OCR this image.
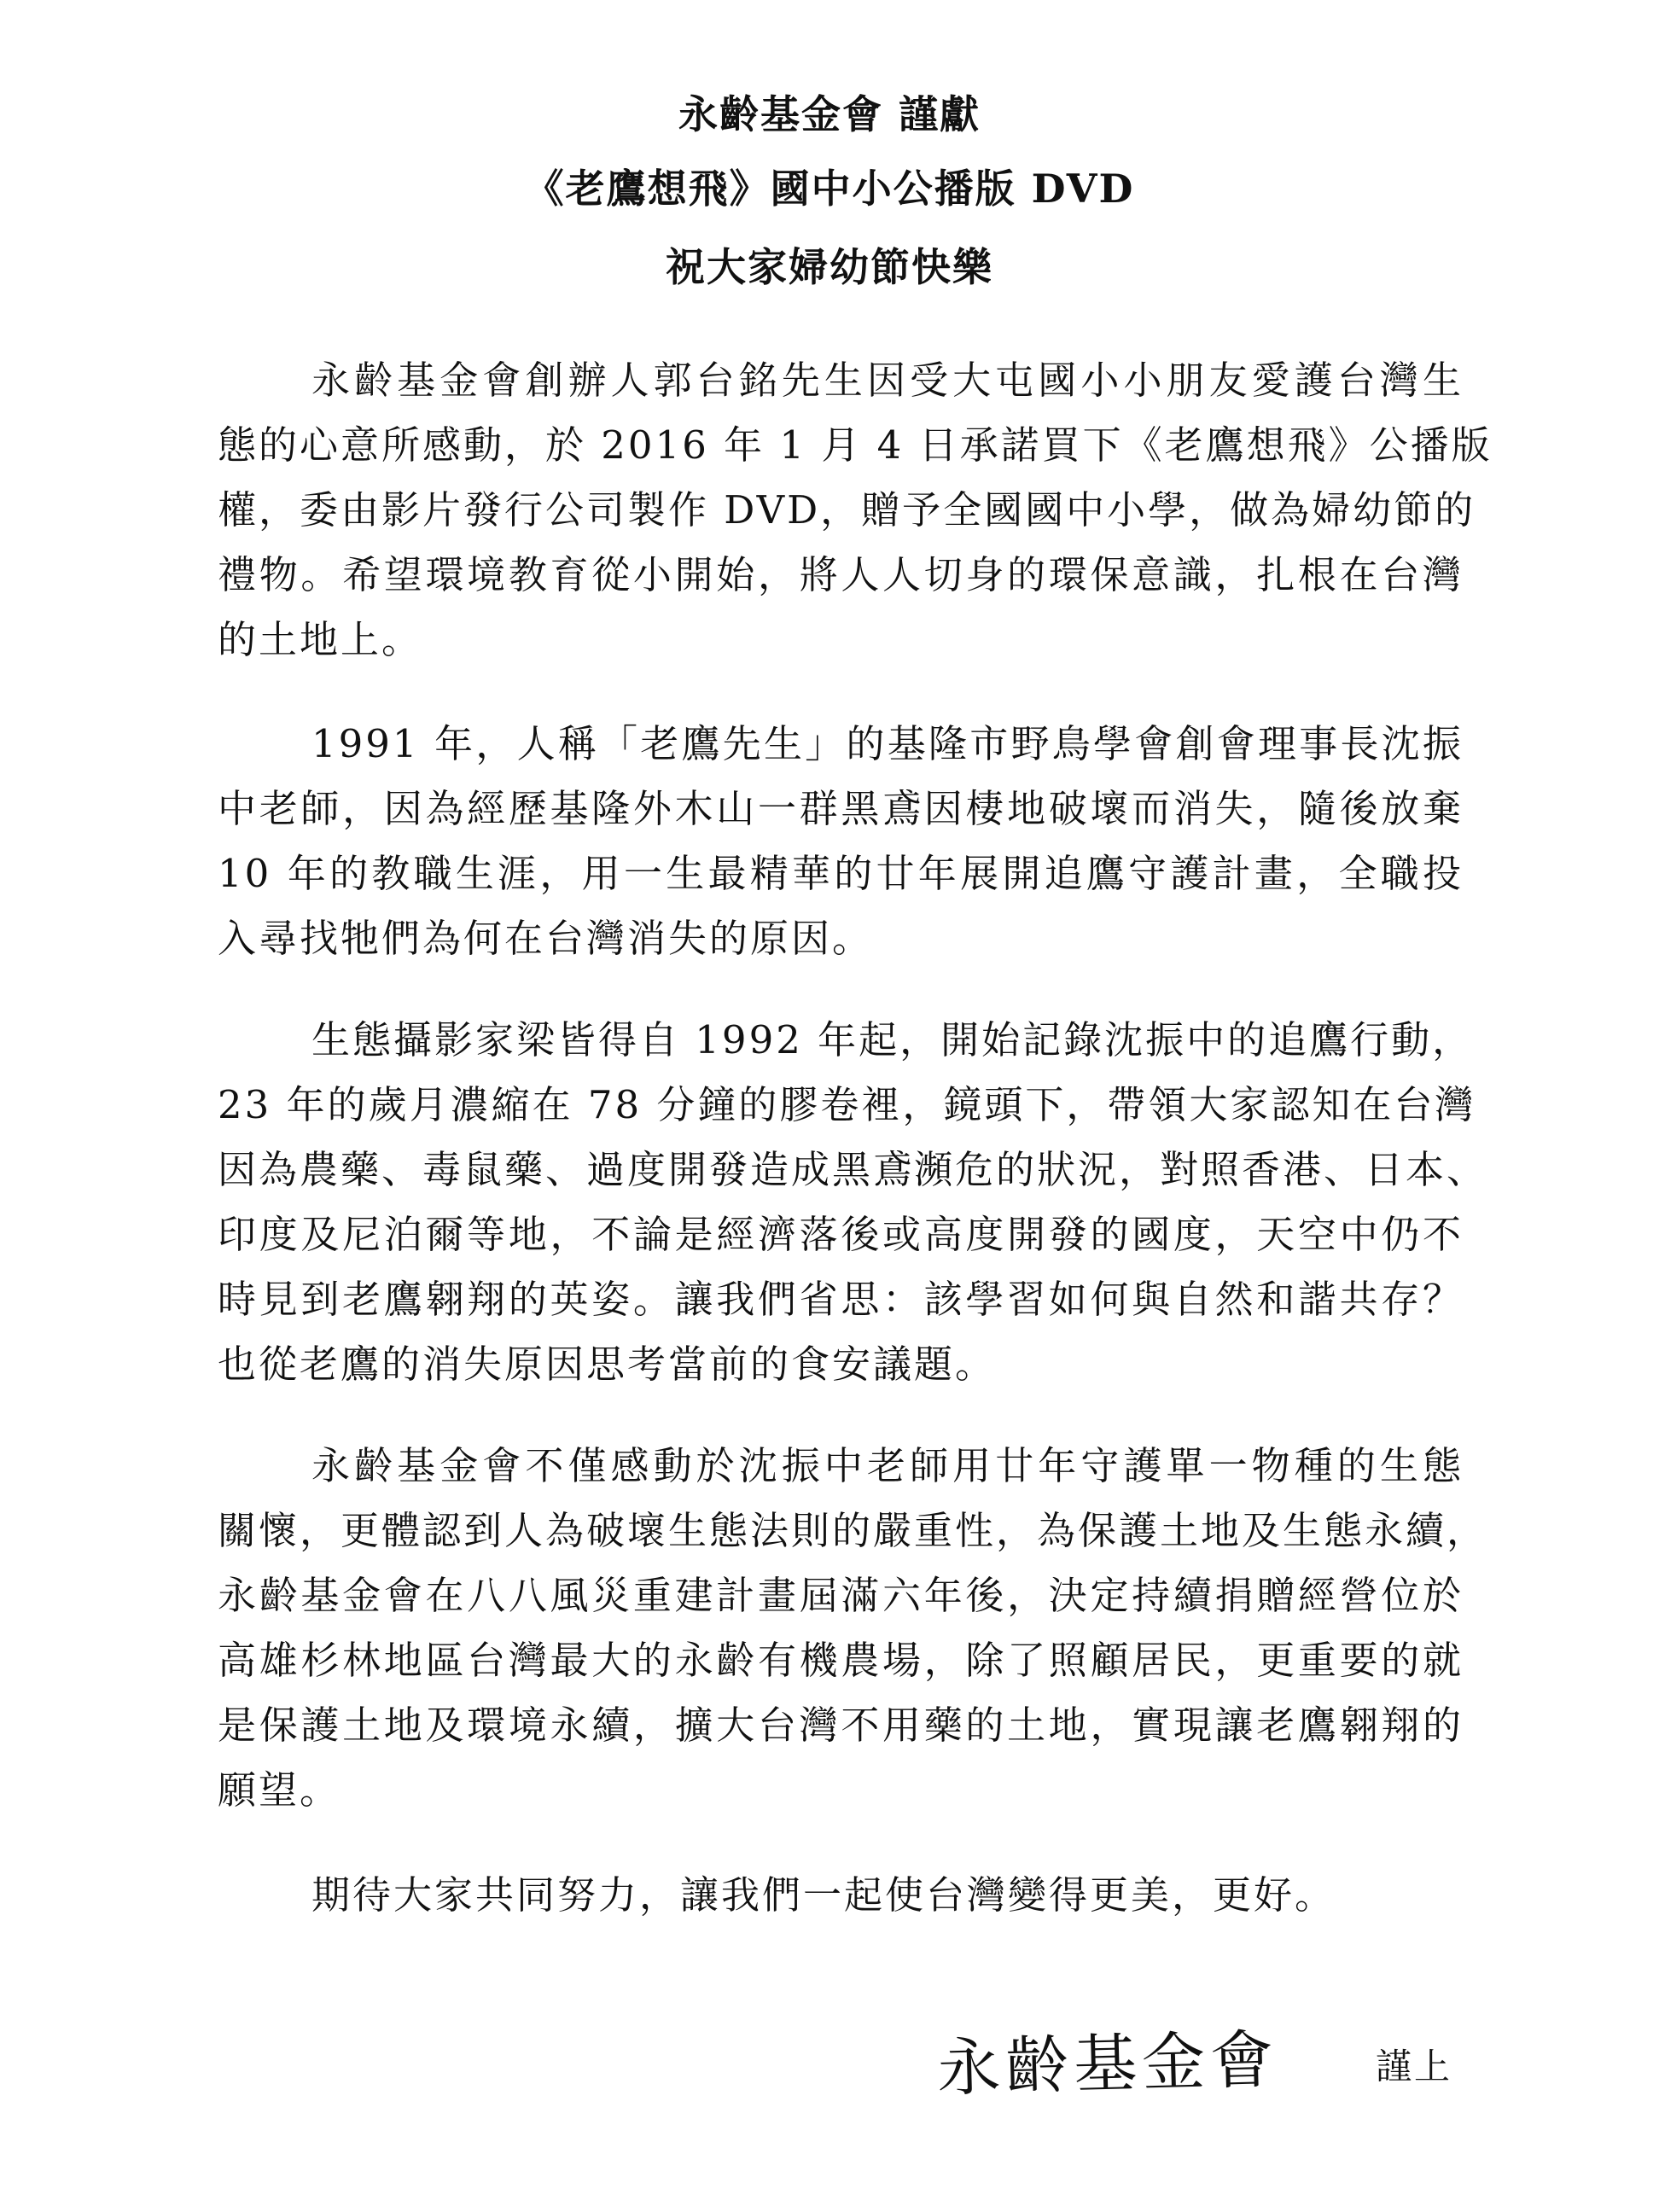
永齡基金會 謹獻
《老鷹想飛》國中小公播版 DVD
祝大家婦幼節快樂
永齡基金會創辦人郭台銘先生因受大屯國小小朋友愛護台灣生
態的心意所感動，於 2016 年 1 月 4 日承諾買下《老鷹想飛》公播版
權，委由影片發行公司製作 DVD，贈予全國國中小學，做為婦幼節的
禮物。希望環境教育從小開始，將人人切身的環保意識，扎根在台灣
的土地上。
1991 年，人稱「老鷹先生」的基隆市野鳥學會創會理事長沈振
中老師，因為經歷基隆外木山一群黑鳶因棲地破壞而消失，隨後放棄
10 年的教職生涯，用一生最精華的廿年展開追鷹守護計畫，全職投
入尋找牠們為何在台灣消失的原因。
生態攝影家梁皆得自 1992 年起，開始記錄沈振中的追鷹行動，
23 年的歲月濃縮在 78 分鐘的膠卷裡，鏡頭下，帶領大家認知在台灣
因為農藥、毒鼠藥、過度開發造成黑鳶瀕危的狀況，對照香港、日本、
印度及尼泊爾等地，不論是經濟落後或高度開發的國度，天空中仍不
時見到老鷹翱翔的英姿。讓我們省思：該學習如何與自然和諧共存？
也從老鷹的消失原因思考當前的食安議題。
永齡基金會不僅感動於沈振中老師用廿年守護單一物種的生態
關懷，更體認到人為破壞生態法則的嚴重性，為保護土地及生態永續，
永齡基金會在八八風災重建計畫屆滿六年後，決定持續捐贈經營位於
高雄杉林地區台灣最大的永齡有機農場，除了照顧居民，更重要的就
是保護土地及環境永續，擴大台灣不用藥的土地，實現讓老鷹翱翔的
願望。
期待大家共同努力，讓我們一起使台灣變得更美，更好。
永齡基金會	謹上
